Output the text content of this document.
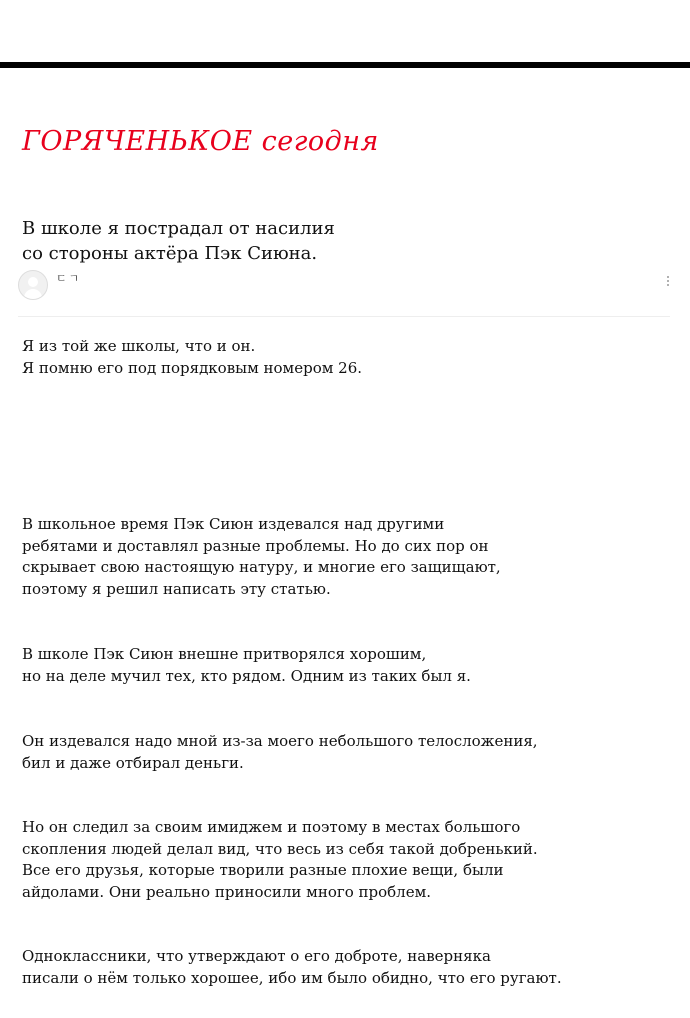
ГОРЯЧЕНЬКОЕ сегодня
В школе я пострадал от насилия
со стороны актёра Пэк Сиюна.
ㄷㄱ

Я из той же школы, что и он.
Я помню его под порядковым номером 26.

В школьное время Пэк Сиюн издевался над другими
ребятами и доставлял разные проблемы. Но до сих пор он
скрывает свою настоящую натуру, и многие его защищают,
поэтому я решил написать эту статью.

В школе Пэк Сиюн внешне притворялся хорошим,
но на деле мучил тех, кто рядом. Одним из таких был я.

Он издевался надо мной из-за моего небольшого телосложения,
бил и даже отбирал деньги.

Но он следил за своим имиджем и поэтому в местах большого
скопления людей делал вид, что весь из себя такой добренький.
Все его друзья, которые творили разные плохие вещи, были
айдолами. Они реально приносили много проблем.

Одноклассники, что утверждают о его доброте, наверняка
писали о нём только хорошее, ибо им было обидно, что его ругают.
